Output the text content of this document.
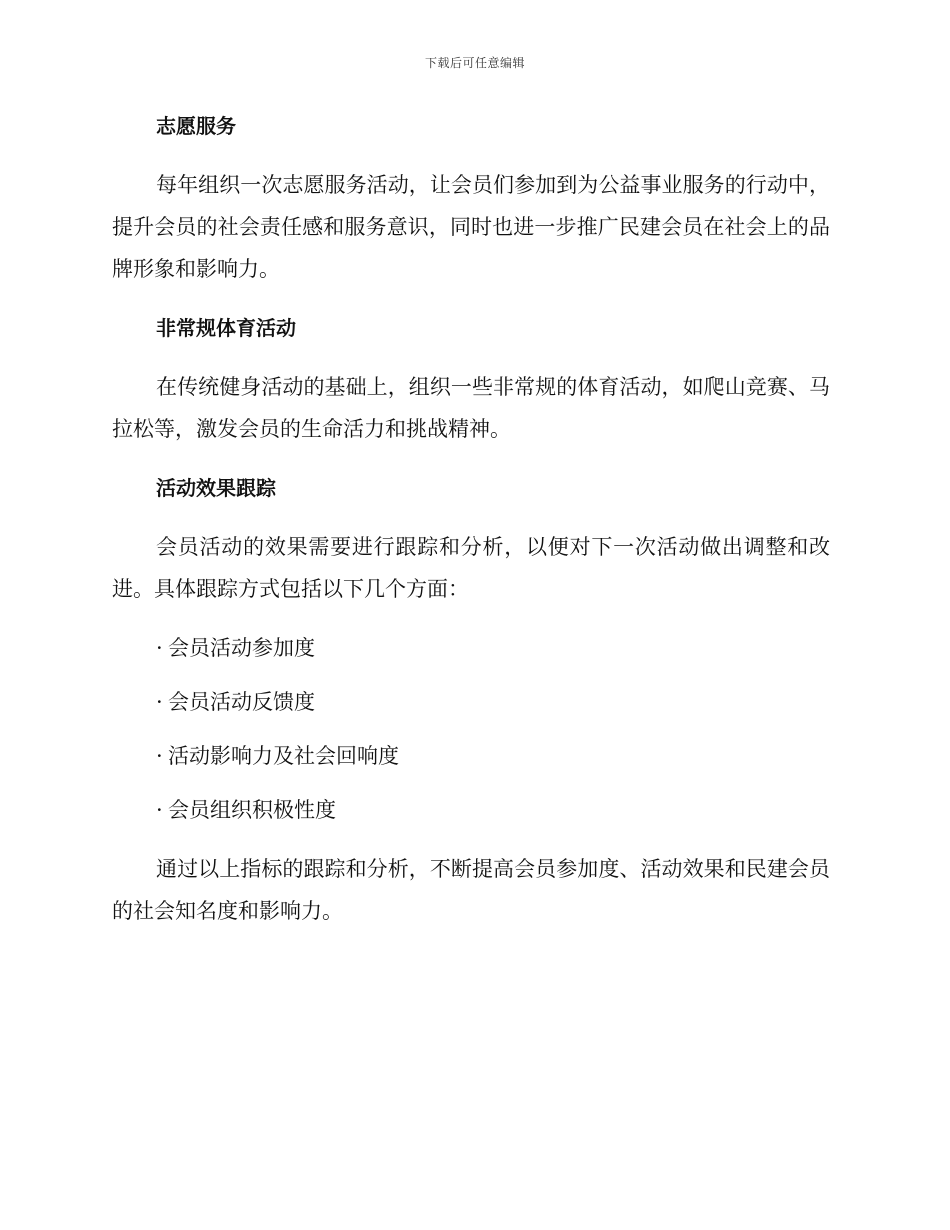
下载后可任意编辑
志愿服务

每年组织一次志愿服务活动，让会员们参加到为公益事业服务的行动中，提升会员的社会责任感和服务意识，同时也进一步推广民建会员在社会上的品牌形象和影响力。

非常规体育活动

在传统健身活动的基础上，组织一些非常规的体育活动，如爬山竞赛、马拉松等，激发会员的生命活力和挑战精神。

活动效果跟踪

会员活动的效果需要进行跟踪和分析，以便对下一次活动做出调整和改进。具体跟踪方式包括以下几个方面：

· 会员活动参加度
· 会员活动反馈度
· 活动影响力及社会回响度
· 会员组织积极性度

通过以上指标的跟踪和分析，不断提高会员参加度、活动效果和民建会员的社会知名度和影响力。
